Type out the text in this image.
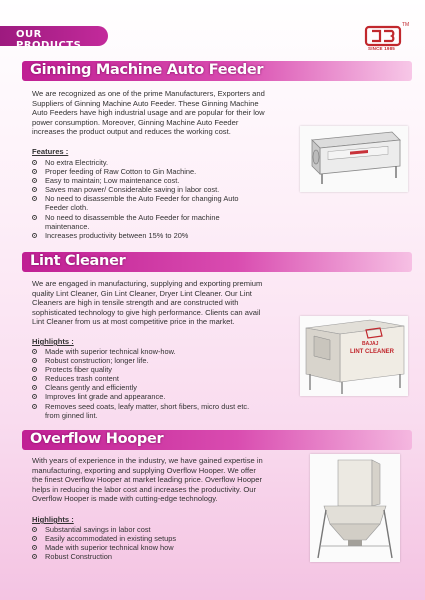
OUR PRODUCTS
TM
SINCE 1985
Ginning Machine Auto Feeder
We are recognized as one of the prime Manufacturers, Exporters and
Suppliers of Ginning Machine Auto Feeder. These Ginning Machine
Auto Feeders have high industrial usage and are popular for their low
power consumption. Moreover, Ginning Machine Auto Feeder
increases the product output and reduces the working cost.
Features :
No extra Electricity.
Proper feeding of Raw Cotton to Gin Machine.
Easy to maintain; Low maintenance cost.
Saves man power/ Considerable saving in labor cost.
No need to disassemble the Auto Feeder for changing Auto
Feeder cloth.
No need to disassemble the Auto Feeder for machine
maintenance.
Increases productivity between 15% to 20%
Lint Cleaner
We are engaged in manufacturing, supplying and exporting premium
quality Lint Cleaner, Gin Lint Cleaner, Dryer Lint Cleaner. Our Lint
Cleaners are high in tensile strength and are constructed with
sophisticated technology to give high performance. Clients can avail
Lint Cleaner from us at most competitive price in the market.
Highlights :
Made with superior technical know-how.
Robust construction; longer life.
Protects fiber quality
Reduces trash content
Cleans gently and efficiently
Improves lint grade and appearance.
Removes seed coats, leafy matter, short fibers, micro dust etc.
from ginned lint.
BAJAJ
LINT CLEANER
Overflow Hooper
With years of experience in the industry, we have gained expertise in
manufacturing, exporting and supplying Overflow Hooper. We offer
the finest Overflow Hooper at market leading price. Overflow Hooper
helps in reducing the labor cost and increases the productivity. Our
Overflow Hooper is made with cutting-edge technology.
Highlights :
Substantial savings in labor cost
Easily accommodated in existing setups
Made with superior technical know how
Robust Construction
